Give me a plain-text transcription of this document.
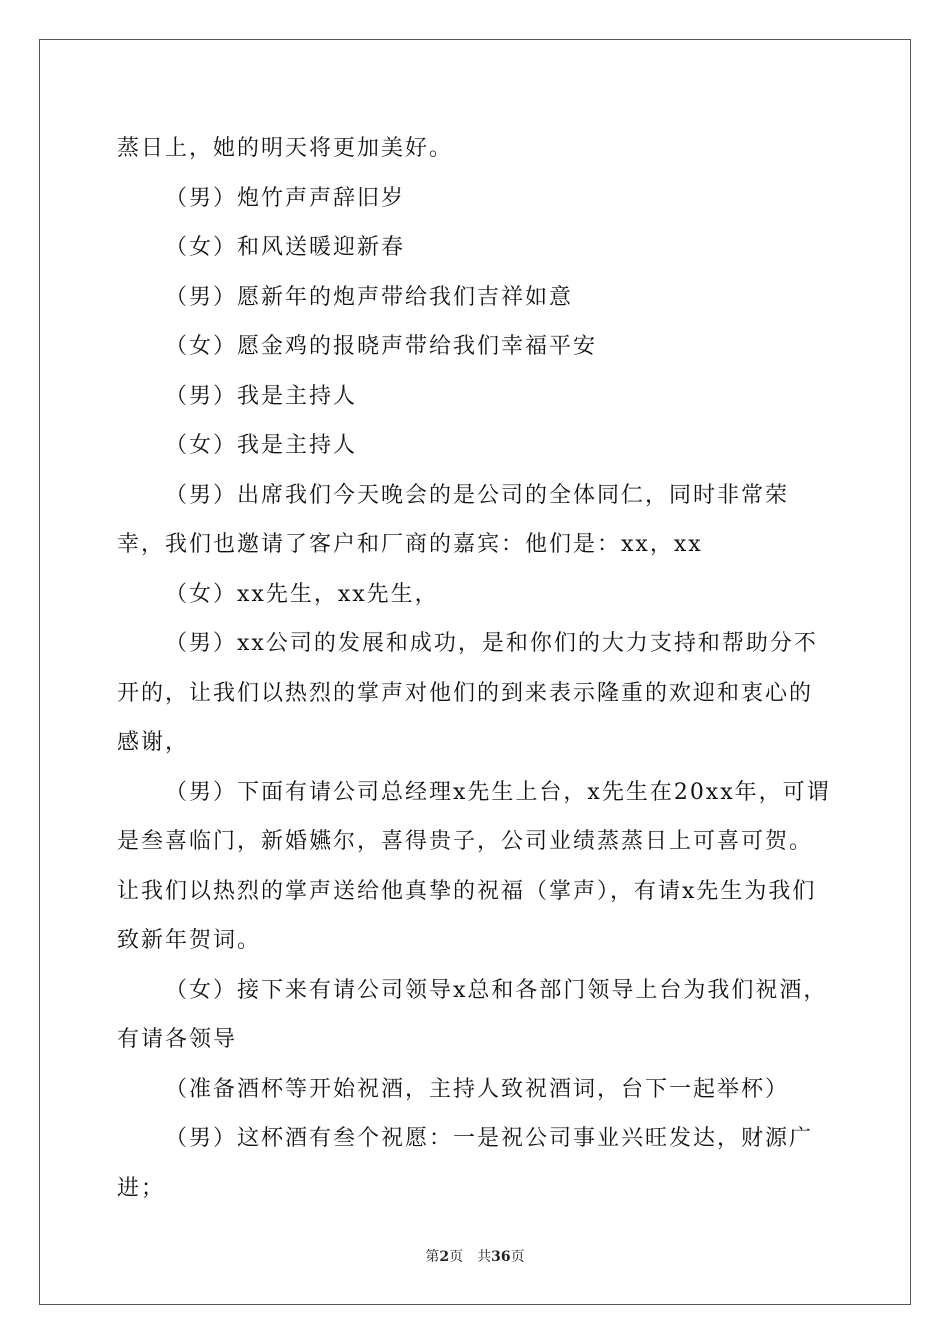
蒸日上，她的明天将更加美好。

（男）炮竹声声辞旧岁

（女）和风送暖迎新春

（男）愿新年的炮声带给我们吉祥如意

（女）愿金鸡的报晓声带给我们幸福平安

（男）我是主持人

（女）我是主持人

（男）出席我们今天晚会的是公司的全体同仁，同时非常荣幸，我们也邀请了客户和厂商的嘉宾：他们是：xx，xx

（女）xx先生，xx先生，

（男）xx公司的发展和成功，是和你们的大力支持和帮助分不开的，让我们以热烈的掌声对他们的到来表示隆重的欢迎和衷心的感谢，

（男）下面有请公司总经理x先生上台，x先生在20xx年，可谓是叁喜临门，新婚嬿尔，喜得贵子，公司业绩蒸蒸日上可喜可贺。让我们以热烈的掌声送给他真挚的祝福（掌声），有请x先生为我们致新年贺词。

（女）接下来有请公司领导x总和各部门领导上台为我们祝酒，有请各领导

（准备酒杯等开始祝酒，主持人致祝酒词，台下一起举杯）

（男）这杯酒有叁个祝愿：一是祝公司事业兴旺发达，财源广进；

第2页 共36页
